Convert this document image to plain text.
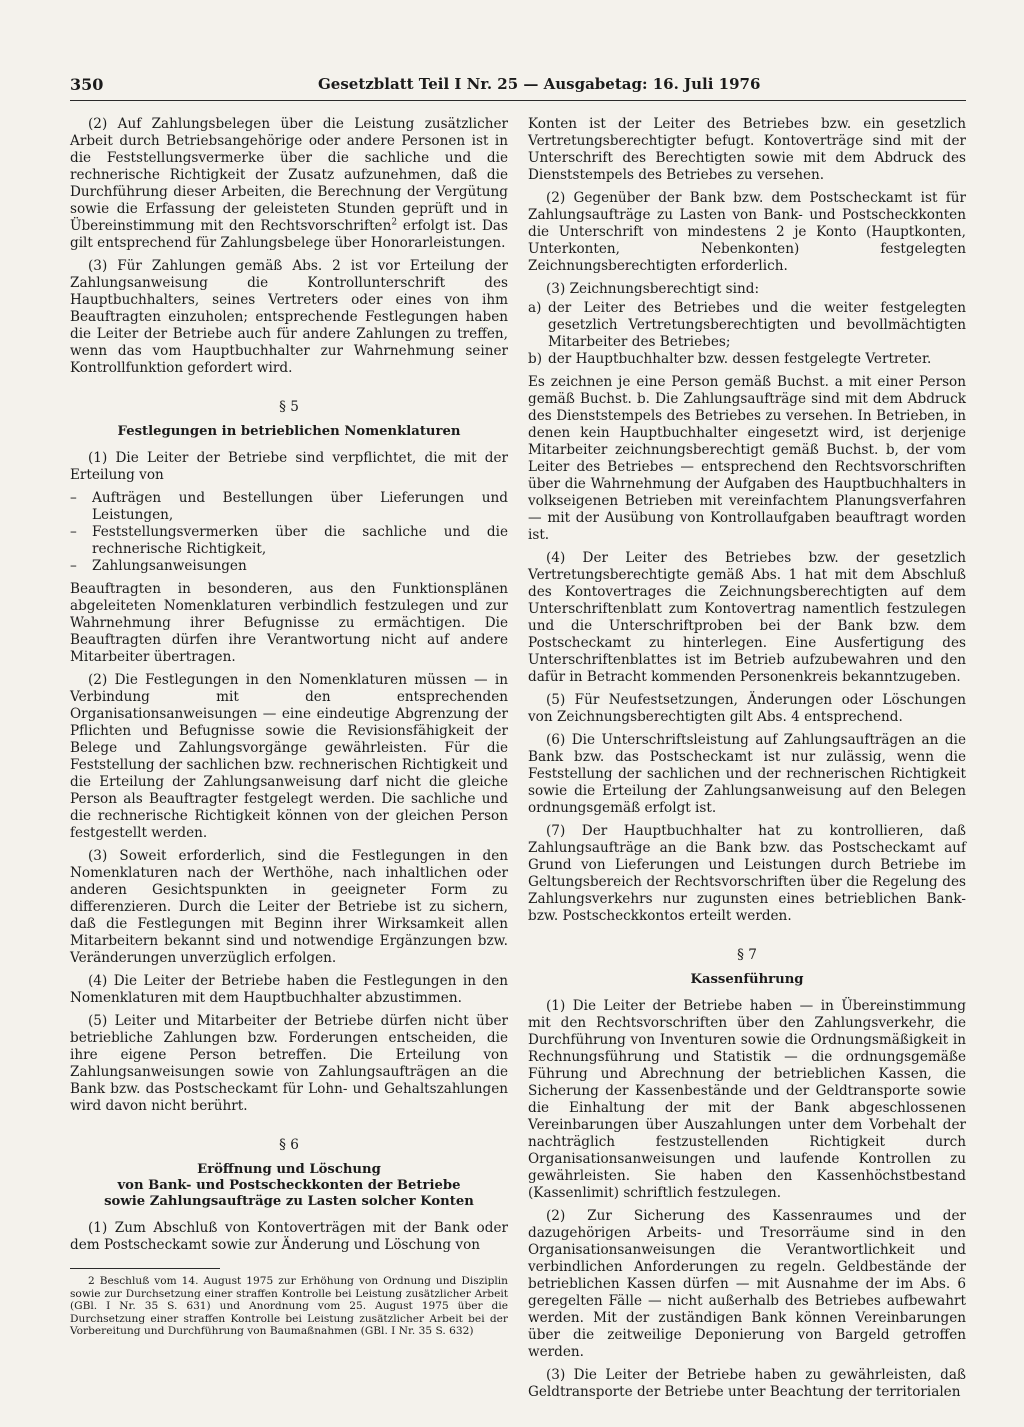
350	Gesetzblatt Teil I Nr. 25 — Ausgabetag: 16. Juli 1976

(2) Auf Zahlungsbelegen über die Leistung zusätzlicher Arbeit durch Betriebsangehörige oder andere Personen ist in die Feststellungsvermerke über die sachliche und die rechnerische Richtigkeit der Zusatz aufzunehmen, daß die Durchführung dieser Arbeiten, die Berechnung der Vergütung sowie die Erfassung der geleisteten Stunden geprüft und in Übereinstimmung mit den Rechtsvorschriften$^2$ erfolgt ist. Das gilt entsprechend für Zahlungsbelege über Honorarleistungen.

(3) Für Zahlungen gemäß Abs. 2 ist vor Erteilung der Zahlungsanweisung die Kontrollunterschrift des Hauptbuchhalters, seines Vertreters oder eines von ihm Beauftragten einzuholen; entsprechende Festlegungen haben die Leiter der Betriebe auch für andere Zahlungen zu treffen, wenn das vom Hauptbuchhalter zur Wahrnehmung seiner Kontrollfunktion gefordert wird.

§ 5
Festlegungen in betrieblichen Nomenklaturen

(1) Die Leiter der Betriebe sind verpflichtet, die mit der Erteilung von

– Aufträgen und Bestellungen über Lieferungen und Leistungen,
– Feststellungsvermerken über die sachliche und die rechnerische Richtigkeit,
– Zahlungsanweisungen

Beauftragten in besonderen, aus den Funktionsplänen abgeleiteten Nomenklaturen verbindlich festzulegen und zur Wahrnehmung ihrer Befugnisse zu ermächtigen. Die Beauftragten dürfen ihre Verantwortung nicht auf andere Mitarbeiter übertragen.

(2) Die Festlegungen in den Nomenklaturen müssen — in Verbindung mit den entsprechenden Organisationsanweisungen — eine eindeutige Abgrenzung der Pflichten und Befugnisse sowie die Revisionsfähigkeit der Belege und Zahlungsvorgänge gewährleisten. Für die Feststellung der sachlichen bzw. rechnerischen Richtigkeit und die Erteilung der Zahlungsanweisung darf nicht die gleiche Person als Beauftragter festgelegt werden. Die sachliche und die rechnerische Richtigkeit können von der gleichen Person festgestellt werden.

(3) Soweit erforderlich, sind die Festlegungen in den Nomenklaturen nach der Werthöhe, nach inhaltlichen oder anderen Gesichtspunkten in geeigneter Form zu differenzieren. Durch die Leiter der Betriebe ist zu sichern, daß die Festlegungen mit Beginn ihrer Wirksamkeit allen Mitarbeitern bekannt sind und notwendige Ergänzungen bzw. Veränderungen unverzüglich erfolgen.

(4) Die Leiter der Betriebe haben die Festlegungen in den Nomenklaturen mit dem Hauptbuchhalter abzustimmen.

(5) Leiter und Mitarbeiter der Betriebe dürfen nicht über betriebliche Zahlungen bzw. Forderungen entscheiden, die ihre eigene Person betreffen. Die Erteilung von Zahlungsanweisungen sowie von Zahlungsaufträgen an die Bank bzw. das Postscheckamt für Lohn- und Gehaltszahlungen wird davon nicht berührt.

§ 6
Eröffnung und Löschung
von Bank- und Postscheckkonten der Betriebe
sowie Zahlungsaufträge zu Lasten solcher Konten

(1) Zum Abschluß von Kontoverträgen mit der Bank oder dem Postscheckamt sowie zur Änderung und Löschung von

2 Beschluß vom 14. August 1975 zur Erhöhung von Ordnung und Disziplin sowie zur Durchsetzung einer straffen Kontrolle bei Leistung zusätzlicher Arbeit (GBl. I Nr. 35 S. 631) und Anordnung vom 25. August 1975 über die Durchsetzung einer straffen Kontrolle bei Leistung zusätzlicher Arbeit bei der Vorbereitung und Durchführung von Baumaßnahmen (GBl. I Nr. 35 S. 632)

Konten ist der Leiter des Betriebes bzw. ein gesetzlich Vertretungsberechtigter befugt. Kontoverträge sind mit der Unterschrift des Berechtigten sowie mit dem Abdruck des Dienststempels des Betriebes zu versehen.

(2) Gegenüber der Bank bzw. dem Postscheckamt ist für Zahlungsaufträge zu Lasten von Bank- und Postscheckkonten die Unterschrift von mindestens 2 je Konto (Hauptkonten, Unterkonten, Nebenkonten) festgelegten Zeichnungsberechtigten erforderlich.

(3) Zeichnungsberechtigt sind:

a) der Leiter des Betriebes und die weiter festgelegten gesetzlich Vertretungsberechtigten und bevollmächtigten Mitarbeiter des Betriebes;
b) der Hauptbuchhalter bzw. dessen festgelegte Vertreter.

Es zeichnen je eine Person gemäß Buchst. a mit einer Person gemäß Buchst. b. Die Zahlungsaufträge sind mit dem Abdruck des Dienststempels des Betriebes zu versehen. In Betrieben, in denen kein Hauptbuchhalter eingesetzt wird, ist derjenige Mitarbeiter zeichnungsberechtigt gemäß Buchst. b, der vom Leiter des Betriebes — entsprechend den Rechtsvorschriften über die Wahrnehmung der Aufgaben des Hauptbuchhalters in volkseigenen Betrieben mit vereinfachtem Planungsverfahren — mit der Ausübung von Kontrollaufgaben beauftragt worden ist.

(4) Der Leiter des Betriebes bzw. der gesetzlich Vertretungsberechtigte gemäß Abs. 1 hat mit dem Abschluß des Kontovertrages die Zeichnungsberechtigten auf dem Unterschriftenblatt zum Kontovertrag namentlich festzulegen und die Unterschriftproben bei der Bank bzw. dem Postscheckamt zu hinterlegen. Eine Ausfertigung des Unterschriftenblattes ist im Betrieb aufzubewahren und den dafür in Betracht kommenden Personenkreis bekanntzugeben.

(5) Für Neufestsetzungen, Änderungen oder Löschungen von Zeichnungsberechtigten gilt Abs. 4 entsprechend.

(6) Die Unterschriftsleistung auf Zahlungsaufträgen an die Bank bzw. das Postscheckamt ist nur zulässig, wenn die Feststellung der sachlichen und der rechnerischen Richtigkeit sowie die Erteilung der Zahlungsanweisung auf den Belegen ordnungsgemäß erfolgt ist.

(7) Der Hauptbuchhalter hat zu kontrollieren, daß Zahlungsaufträge an die Bank bzw. das Postscheckamt auf Grund von Lieferungen und Leistungen durch Betriebe im Geltungsbereich der Rechtsvorschriften über die Regelung des Zahlungsverkehrs nur zugunsten eines betrieblichen Bank- bzw. Postscheckkontos erteilt werden.

§ 7
Kassenführung

(1) Die Leiter der Betriebe haben — in Übereinstimmung mit den Rechtsvorschriften über den Zahlungsverkehr, die Durchführung von Inventuren sowie die Ordnungsmäßigkeit in Rechnungsführung und Statistik — die ordnungsgemäße Führung und Abrechnung der betrieblichen Kassen, die Sicherung der Kassenbestände und der Geldtransporte sowie die Einhaltung der mit der Bank abgeschlossenen Vereinbarungen über Auszahlungen unter dem Vorbehalt der nachträglich festzustellenden Richtigkeit durch Organisationsanweisungen und laufende Kontrollen zu gewährleisten. Sie haben den Kassenhöchstbestand (Kassenlimit) schriftlich festzulegen.

(2) Zur Sicherung des Kassenraumes und der dazugehörigen Arbeits- und Tresorräume sind in den Organisationsanweisungen die Verantwortlichkeit und verbindlichen Anforderungen zu regeln. Geldbestände der betrieblichen Kassen dürfen — mit Ausnahme der im Abs. 6 geregelten Fälle — nicht außerhalb des Betriebes aufbewahrt werden. Mit der zuständigen Bank können Vereinbarungen über die zeitweilige Deponierung von Bargeld getroffen werden.

(3) Die Leiter der Betriebe haben zu gewährleisten, daß Geldtransporte der Betriebe unter Beachtung der territorialen
